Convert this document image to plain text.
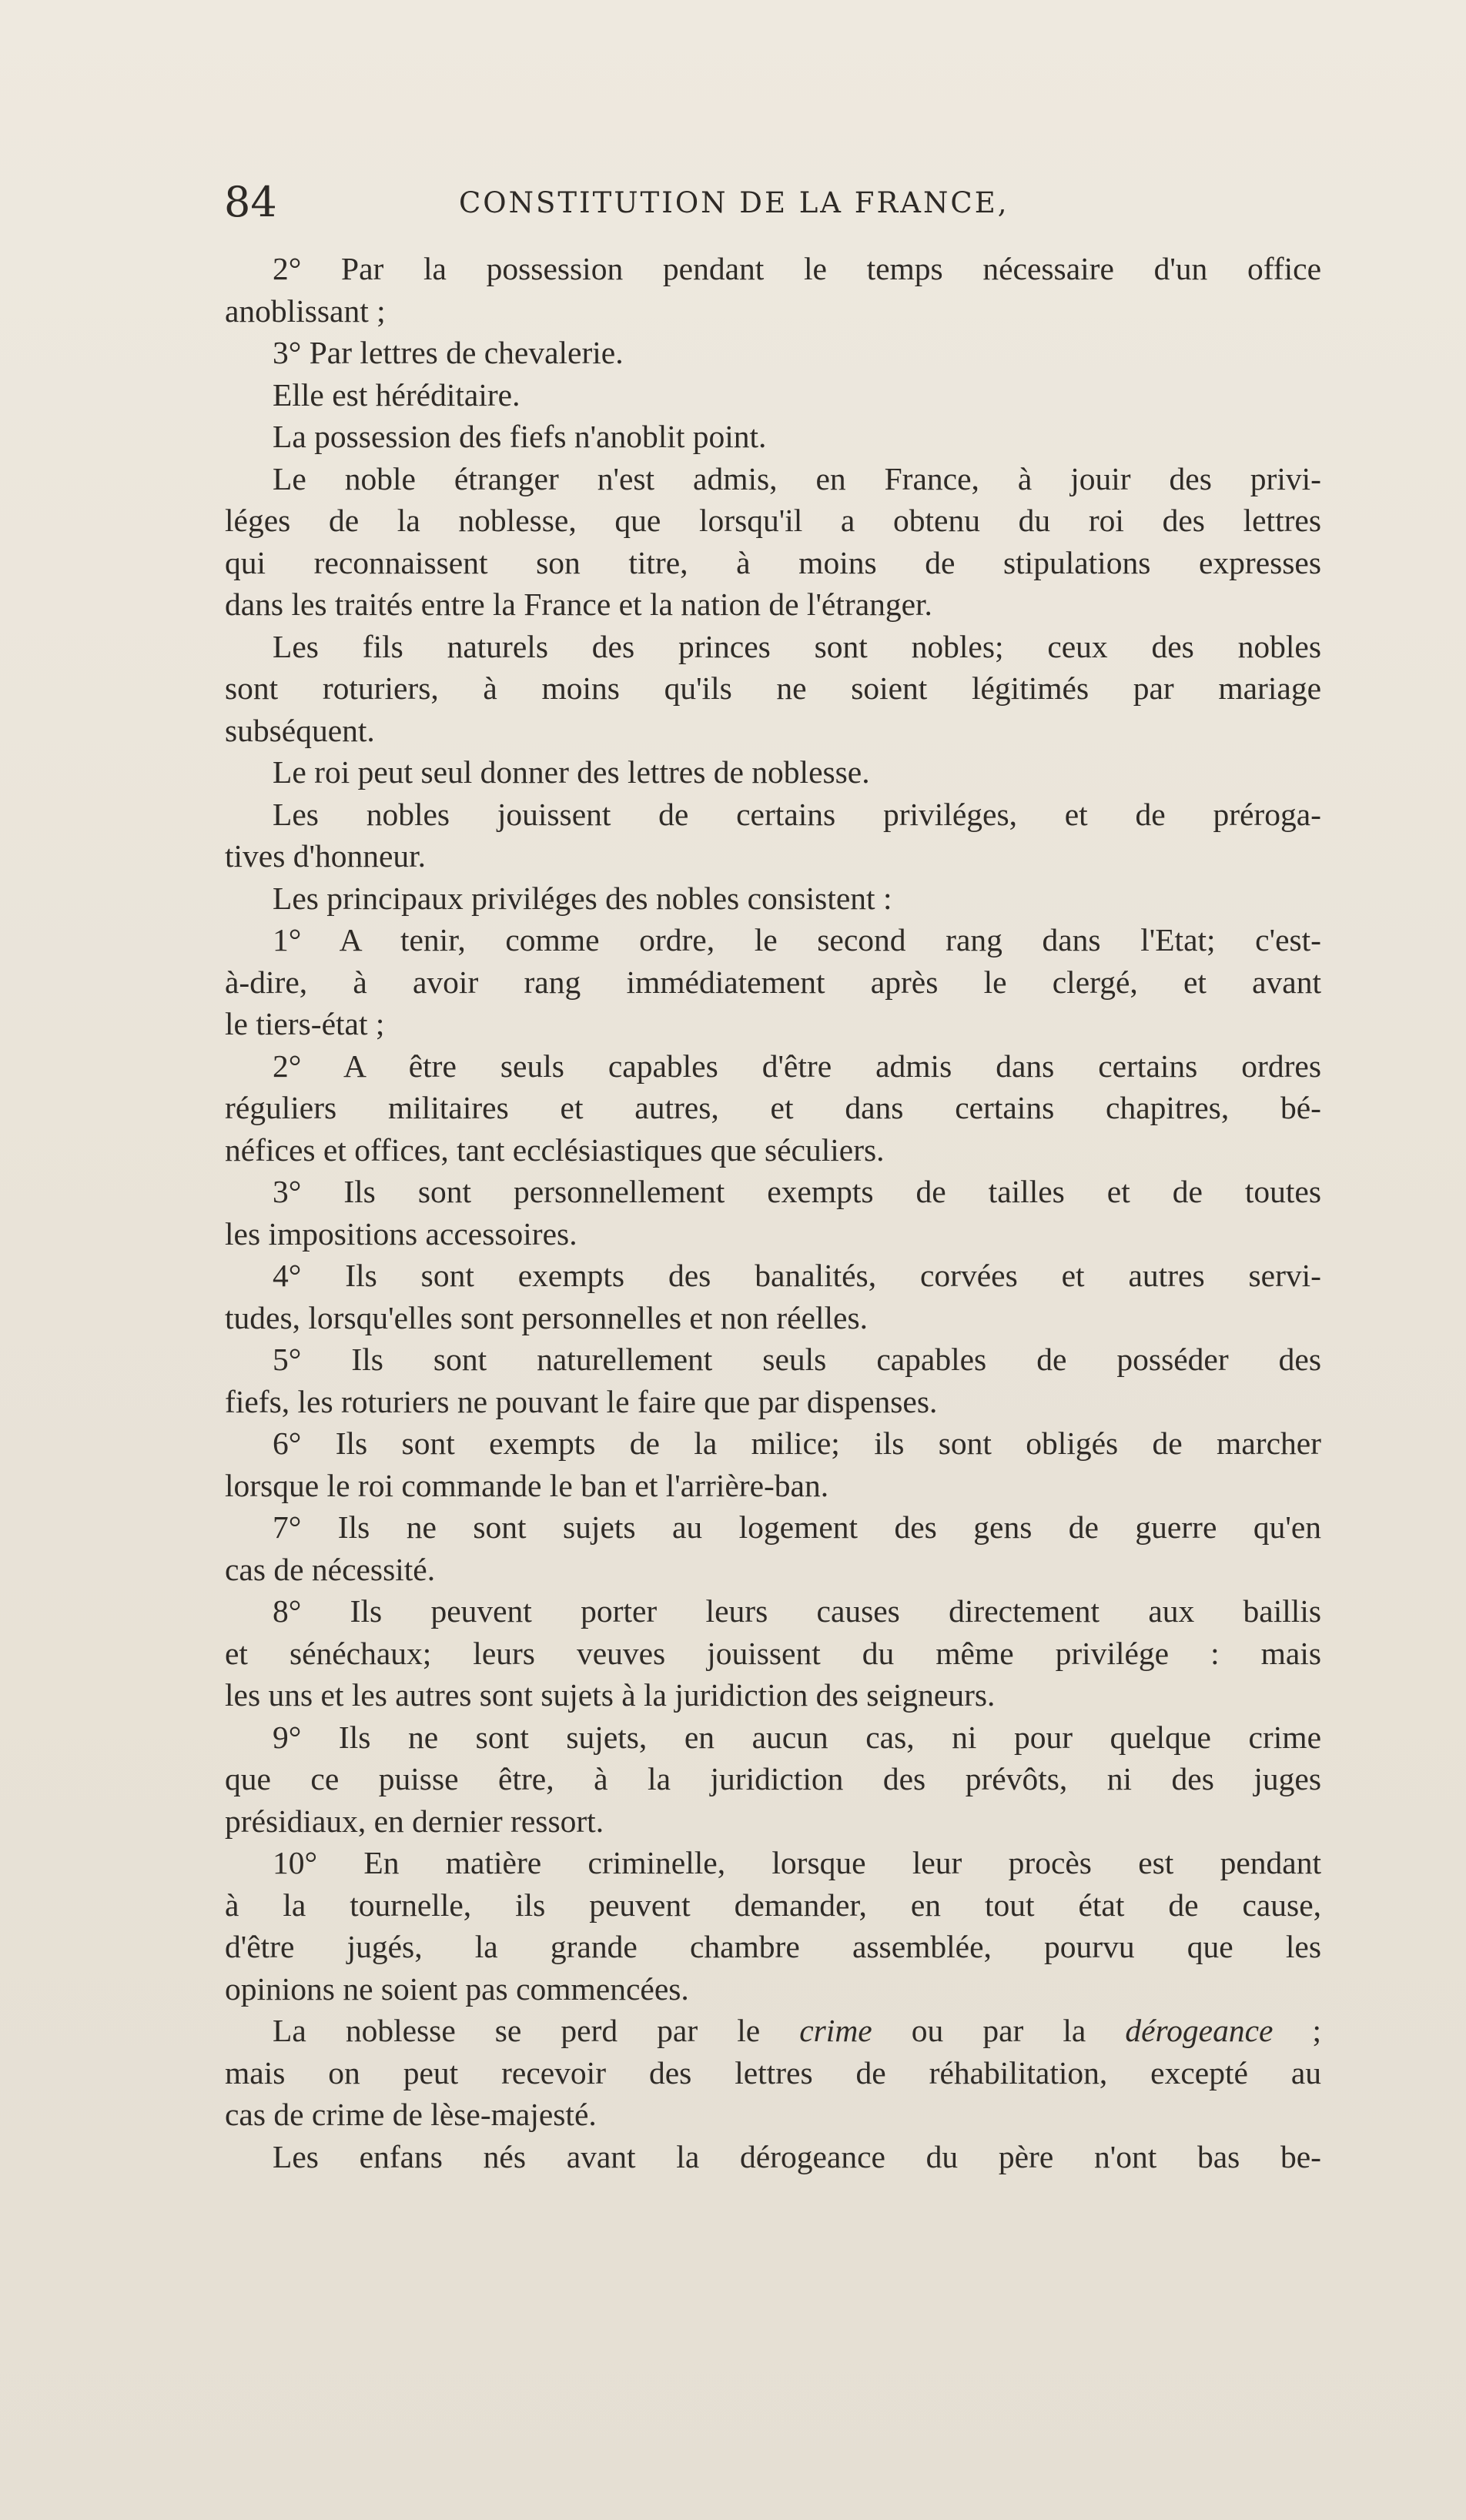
84	CONSTITUTION DE LA FRANCE,
2° Par la possession pendant le temps nécessaire d'un office
anoblissant ;
3° Par lettres de chevalerie.
Elle est héréditaire.
La possession des fiefs n'anoblit point.
Le noble étranger n'est admis, en France, à jouir des privi-
léges de la noblesse, que lorsqu'il a obtenu du roi des lettres
qui reconnaissent son titre, à moins de stipulations expresses
dans les traités entre la France et la nation de l'étranger.
Les fils naturels des princes sont nobles; ceux des nobles
sont roturiers, à moins qu'ils ne soient légitimés par mariage
subséquent.
Le roi peut seul donner des lettres de noblesse.
Les nobles jouissent de certains priviléges, et de préroga-
tives d'honneur.
Les principaux priviléges des nobles consistent :
1° A tenir, comme ordre, le second rang dans l'Etat; c'est-
à-dire, à avoir rang immédiatement après le clergé, et avant
le tiers-état ;
2° A être seuls capables d'être admis dans certains ordres
réguliers militaires et autres, et dans certains chapitres, bé-
néfices et offices, tant ecclésiastiques que séculiers.
3° Ils sont personnellement exempts de tailles et de toutes
les impositions accessoires.
4° Ils sont exempts des banalités, corvées et autres servi-
tudes, lorsqu'elles sont personnelles et non réelles.
5° Ils sont naturellement seuls capables de posséder des
fiefs, les roturiers ne pouvant le faire que par dispenses.
6° Ils sont exempts de la milice; ils sont obligés de marcher
lorsque le roi commande le ban et l'arrière-ban.
7° Ils ne sont sujets au logement des gens de guerre qu'en
cas de nécessité.
8° Ils peuvent porter leurs causes directement aux baillis
et sénéchaux; leurs veuves jouissent du même privilége : mais
les uns et les autres sont sujets à la juridiction des seigneurs.
9° Ils ne sont sujets, en aucun cas, ni pour quelque crime
que ce puisse être, à la juridiction des prévôts, ni des juges
présidiaux, en dernier ressort.
10° En matière criminelle, lorsque leur procès est pendant
à la tournelle, ils peuvent demander, en tout état de cause,
d'être jugés, la grande chambre assemblée, pourvu que les
opinions ne soient pas commencées.
La noblesse se perd par le crime ou par la dérogeance ;
mais on peut recevoir des lettres de réhabilitation, excepté au
cas de crime de lèse-majesté.
Les enfans nés avant la dérogeance du père n'ont bas be-
